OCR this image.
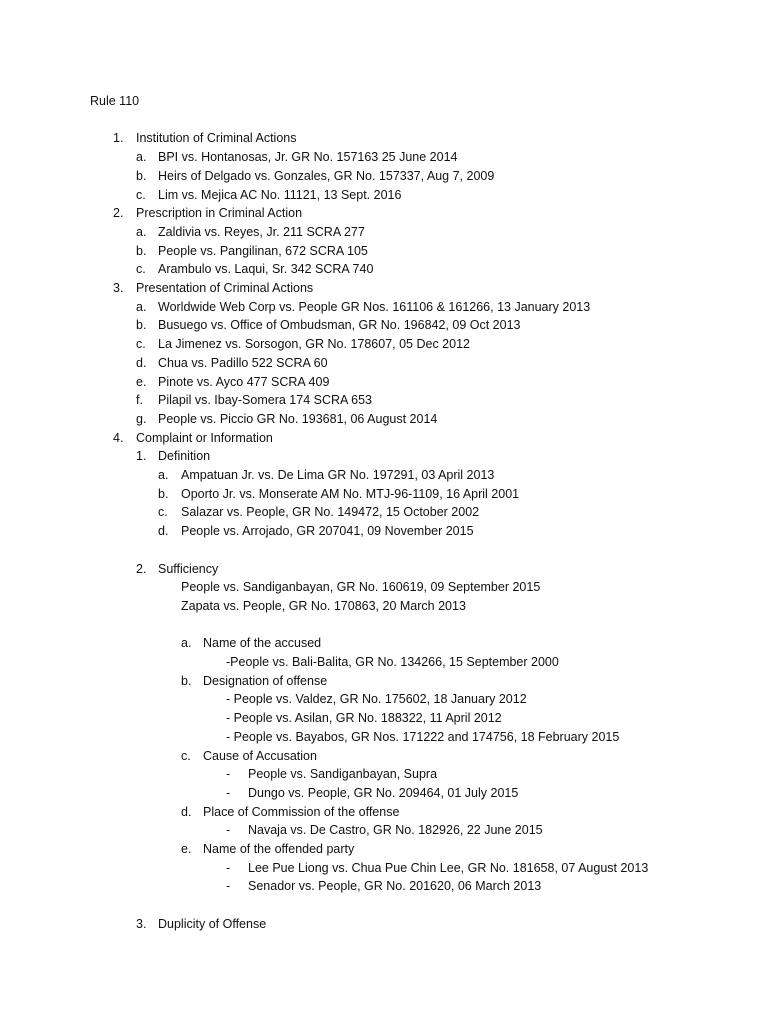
Rule 110
1. Institution of Criminal Actions
a. BPI vs. Hontanosas, Jr. GR No. 157163 25 June 2014
b. Heirs of Delgado vs. Gonzales, GR No. 157337, Aug 7, 2009
c. Lim vs. Mejica AC No. 11121, 13 Sept. 2016
2. Prescription in Criminal Action
a. Zaldivia vs. Reyes, Jr. 211 SCRA 277
b. People vs. Pangilinan, 672 SCRA 105
c. Arambulo vs. Laqui, Sr. 342 SCRA 740
3. Presentation of Criminal Actions
a. Worldwide Web Corp vs. People GR Nos. 161106 & 161266, 13 January 2013
b. Busuego vs. Office of Ombudsman, GR No. 196842, 09 Oct 2013
c. La Jimenez vs. Sorsogon, GR No. 178607, 05 Dec 2012
d. Chua vs. Padillo 522 SCRA 60
e. Pinote vs. Ayco 477 SCRA 409
f. Pilapil vs. Ibay-Somera 174 SCRA 653
g. People vs. Piccio GR No. 193681, 06 August 2014
4. Complaint or Information
1. Definition
a. Ampatuan Jr. vs. De Lima GR No. 197291, 03 April 2013
b. Oporto Jr. vs. Monserate AM No. MTJ-96-1109, 16 April 2001
c. Salazar vs. People, GR No. 149472, 15 October 2002
d. People vs. Arrojado, GR 207041, 09 November 2015
2. Sufficiency
People vs. Sandiganbayan, GR No. 160619, 09 September 2015
Zapata vs. People, GR No. 170863, 20 March 2013
a. Name of the accused
-People vs. Bali-Balita, GR No. 134266, 15 September 2000
b. Designation of offense
- People vs. Valdez, GR No. 175602, 18 January 2012
- People vs. Asilan, GR No. 188322, 11 April 2012
- People vs. Bayabos, GR Nos. 171222 and 174756, 18 February 2015
c. Cause of Accusation
- People vs. Sandiganbayan, Supra
- Dungo vs. People, GR No. 209464, 01 July 2015
d. Place of Commission of the offense
- Navaja vs. De Castro, GR No. 182926, 22 June 2015
e. Name of the offended party
- Lee Pue Liong vs. Chua Pue Chin Lee, GR No. 181658, 07 August 2013
- Senador vs. People, GR No. 201620, 06 March 2013
3. Duplicity of Offense
